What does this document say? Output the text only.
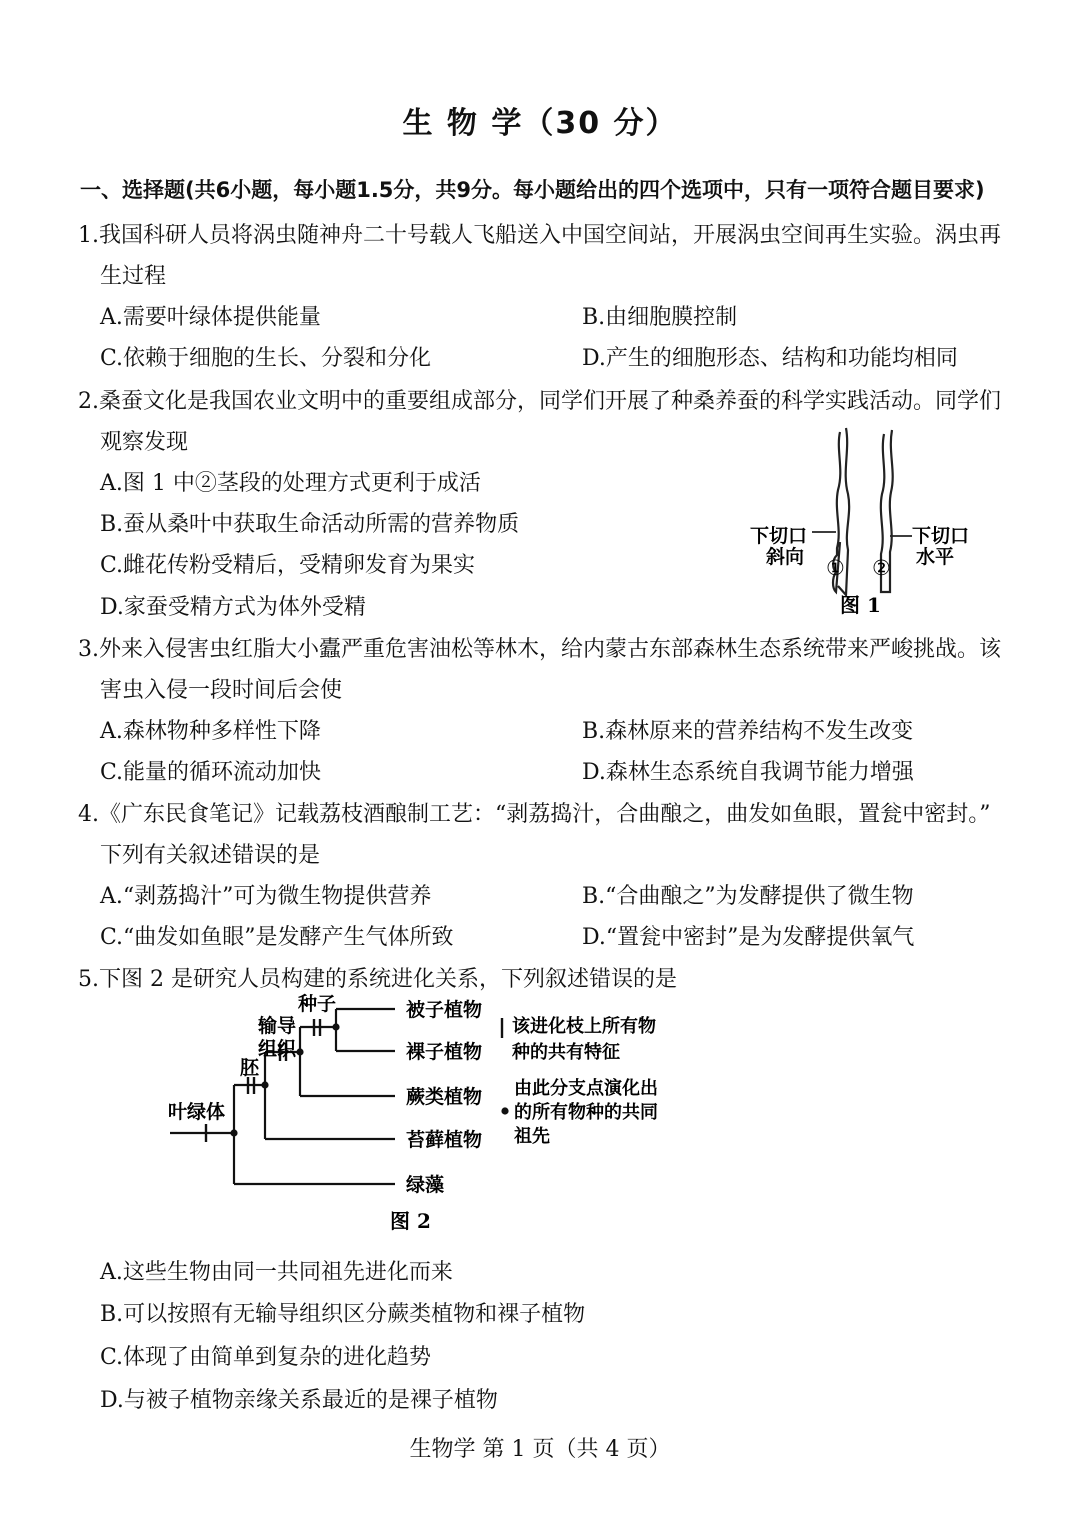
生 物 学（30 分）
一、选择题(共6小题，每小题1.5分，共9分。每小题给出的四个选项中，只有一项符合题目要求)
1.我国科研人员将涡虫随神舟二十号载人飞船送入中国空间站，开展涡虫空间再生实验。涡虫再
生过程
A.需要叶绿体提供能量	B.由细胞膜控制
C.依赖于细胞的生长、分裂和分化	D.产生的细胞形态、结构和功能均相同
2.桑蚕文化是我国农业文明中的重要组成部分，同学们开展了种桑养蚕的科学实践活动。同学们
观察发现
A.图 1 中②茎段的处理方式更利于成活
B.蚕从桑叶中获取生命活动所需的营养物质
C.雌花传粉受精后，受精卵发育为果实
D.家蚕受精方式为体外受精
下切口
斜向
下切口
水平
① ②
图 1
3.外来入侵害虫红脂大小蠹严重危害油松等林木，给内蒙古东部森林生态系统带来严峻挑战。该
害虫入侵一段时间后会使
A.森林物种多样性下降	B.森林原来的营养结构不发生改变
C.能量的循环流动加快	D.森林生态系统自我调节能力增强
4.《广东民食笔记》记载荔枝酒酿制工艺：“剥荔捣汁，合曲酿之，曲发如鱼眼，置瓮中密封。”
下列有关叙述错误的是
A.“剥荔捣汁”可为微生物提供营养	B.“合曲酿之”为发酵提供了微生物
C.“曲发如鱼眼”是发酵产生气体所致	D.“置瓮中密封”是为发酵提供氧气
5.下图 2 是研究人员构建的系统进化关系，下列叙述错误的是
叶绿体
胚
输导
组织
种子	被子植物
裸子植物
蕨类植物
苔藓植物
绿藻
该进化枝上所有物
种的共有特征
由此分支点演化出
的所有物种的共同
祖先
图 2
A.这些生物由同一共同祖先进化而来
B.可以按照有无输导组织区分蕨类植物和裸子植物
C.体现了由简单到复杂的进化趋势
D.与被子植物亲缘关系最近的是裸子植物
生物学 第 1 页（共 4 页）
